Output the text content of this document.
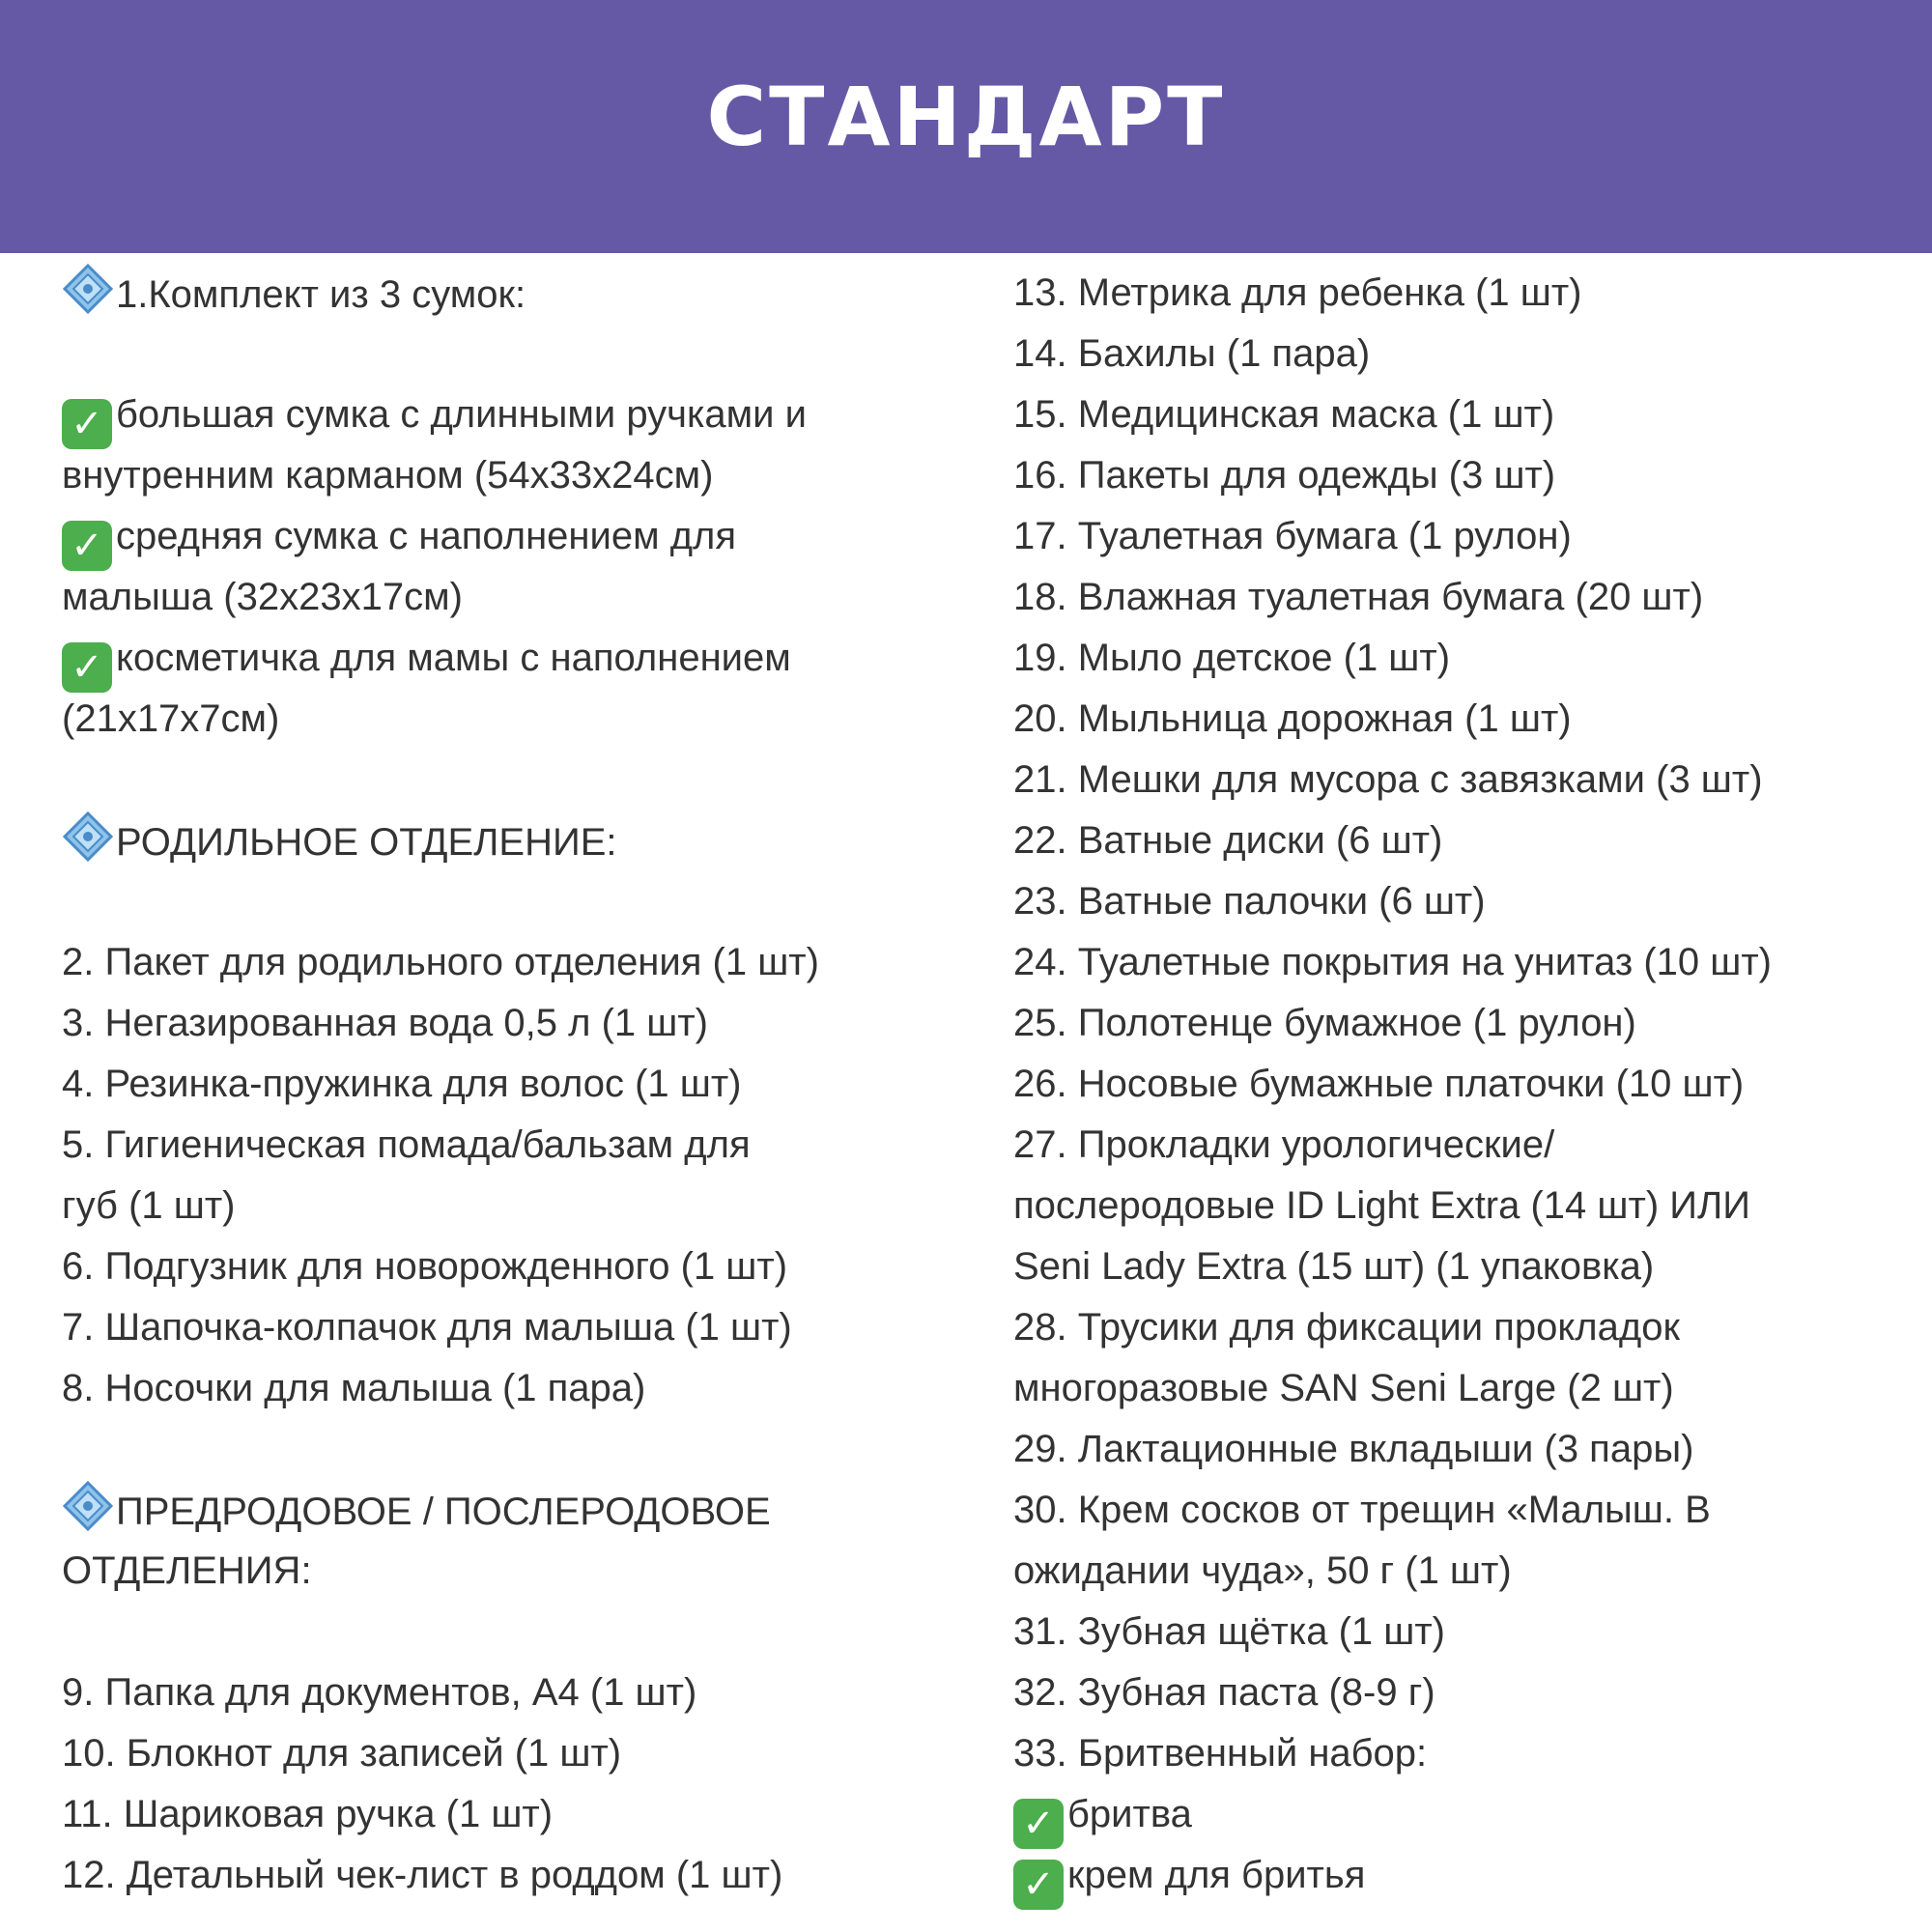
СТАНДАРТ
1.Комплект из 3 сумок:
✓ большая сумка с длинными ручками и
внутренним карманом (54x33x24см)
✓ средняя сумка с наполнением для
малыша (32x23x17см)
✓ косметичка для мамы с наполнением
(21x17x7см)
РОДИЛЬНОЕ ОТДЕЛЕНИЕ:
2. Пакет для родильного отделения (1 шт)
3. Негазированная вода 0,5 л (1 шт)
4. Резинка-пружинка для волос (1 шт)
5. Гигиеническая помада/бальзам для
губ (1 шт)
6. Подгузник для новорожденного (1 шт)
7. Шапочка-колпачок для малыша (1 шт)
8. Носочки для малыша (1 пара)
ПРЕДРОДОВОЕ / ПОСЛЕРОДОВОЕ
ОТДЕЛЕНИЯ:
9. Папка для документов, А4 (1 шт)
10. Блокнот для записей (1 шт)
11. Шариковая ручка (1 шт)
12. Детальный чек-лист в роддом (1 шт)
13. Метрика для ребенка (1 шт)
14. Бахилы (1 пара)
15. Медицинская маска (1 шт)
16. Пакеты для одежды (3 шт)
17. Туалетная бумага (1 рулон)
18. Влажная туалетная бумага (20 шт)
19. Мыло детское (1 шт)
20. Мыльница дорожная (1 шт)
21. Мешки для мусора с завязками (3 шт)
22. Ватные диски (6 шт)
23. Ватные палочки (6 шт)
24. Туалетные покрытия на унитаз (10 шт)
25. Полотенце бумажное (1 рулон)
26. Носовые бумажные платочки (10 шт)
27. Прокладки урологические/
послеродовые ID Light Extra (14 шт) ИЛИ
Seni Lady Extra (15 шт) (1 упаковка)
28. Трусики для фиксации прокладок
многоразовые SAN Seni Large (2 шт)
29. Лактационные вкладыши (3 пары)
30. Крем сосков от трещин «Малыш. В
ожидании чуда», 50 г (1 шт)
31. Зубная щётка (1 шт)
32. Зубная паста (8-9 г)
33. Бритвенный набор:
✓ бритва
✓ крем для бритья
